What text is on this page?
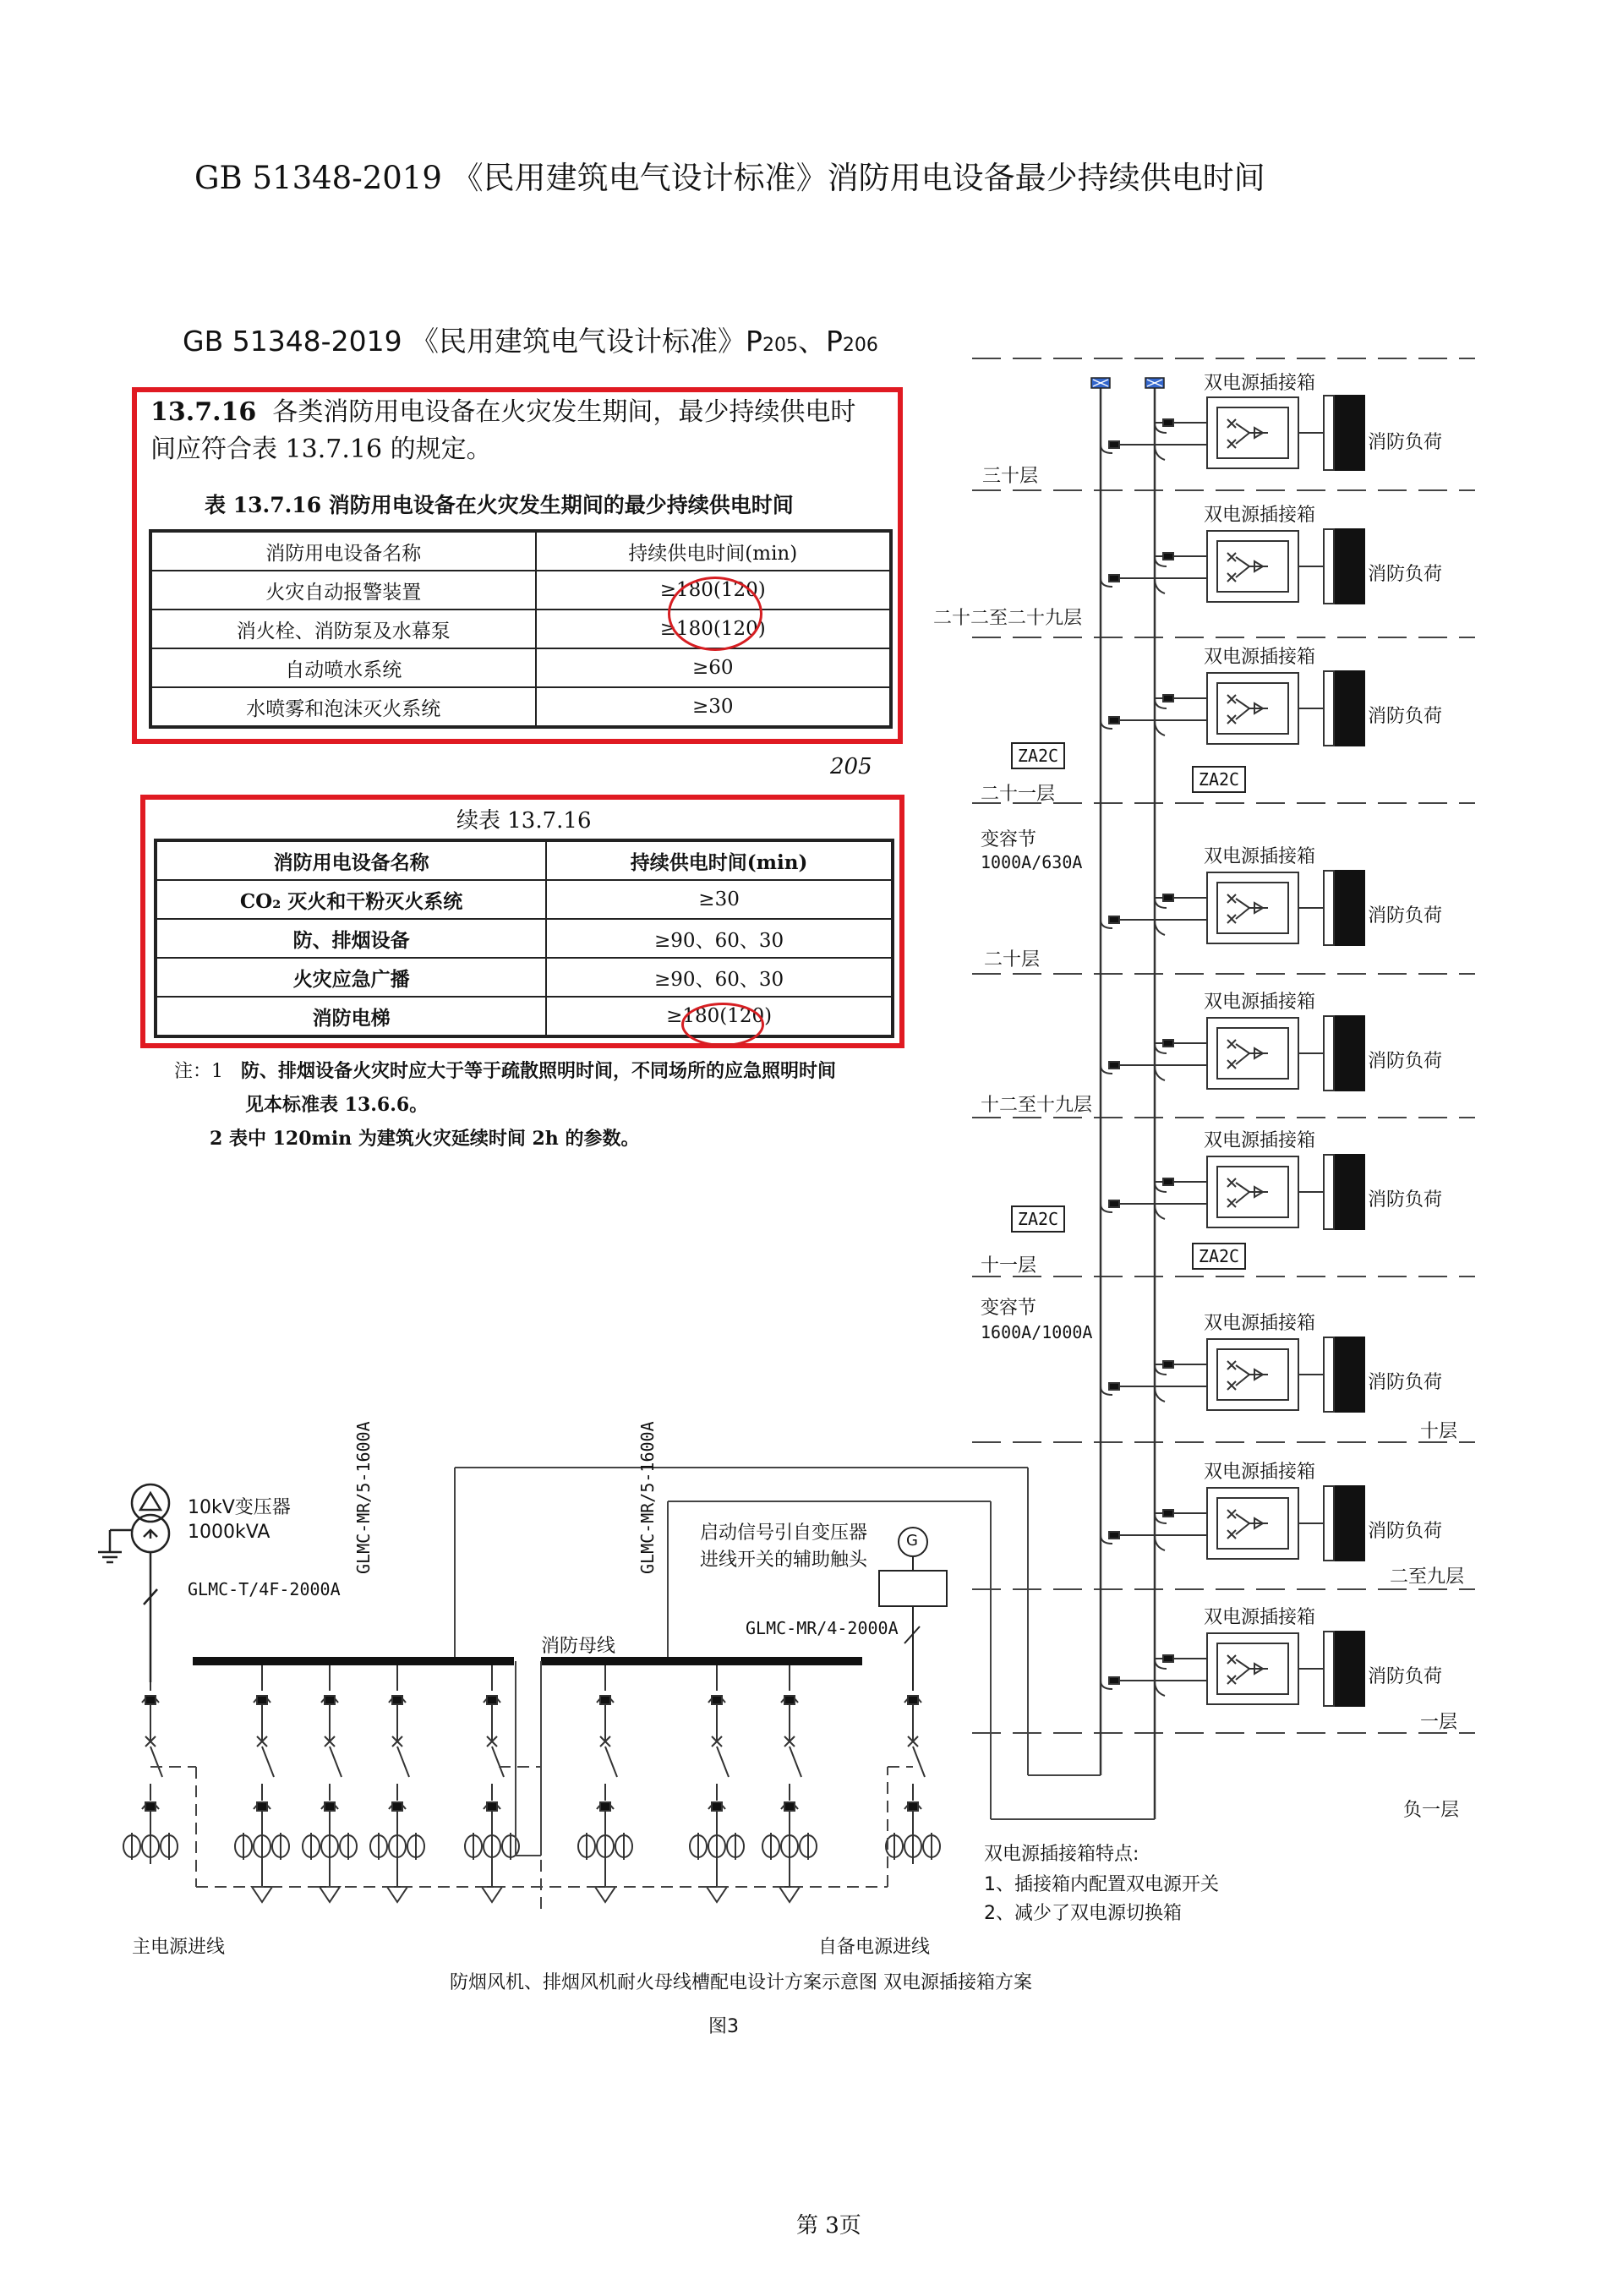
GB 51348-2019 《民用建筑电气设计标准》消防用电设备最少持续供电时间
GB 51348-2019 《民用建筑电气设计标准》P205、P206
13.7.16 各类消防用电设备在火灾发生期间，最少持续供电时
间应符合表 13.7.16 的规定。
表 13.7.16 消防用电设备在火灾发生期间的最少持续供电时间
消防用电设备名称	持续供电时间(min)
火灾自动报警装置	≥180(120)
消火栓、消防泵及水幕泵	≥180(120)
自动喷水系统	≥60
水喷雾和泡沫灭火系统	≥30
205
续表 13.7.16
消防用电设备名称	持续供电时间(min)
CO₂ 灭火和干粉灭火系统	≥30
防、排烟设备	≥90、60、30
火灾应急广播	≥90、60、30
消防电梯	≥180(120)
注：1 防、排烟设备火灾时应大于等于疏散照明时间，不同场所的应急照明时间
见本标准表 13.6.6。
2 表中 120min 为建筑火灾延续时间 2h 的参数。
双电源插接箱
双电源插接箱
双电源插接箱
双电源插接箱
双电源插接箱
双电源插接箱
双电源插接箱
双电源插接箱
双电源插接箱
消防负荷
消防负荷
消防负荷
消防负荷
消防负荷
消防负荷
消防负荷
消防负荷
消防负荷
三十层
二十二至二十九层
二十一层
二十层
十二至十九层
十一层
十层
二至九层
一层
负一层
ZA2C
ZA2C
ZA2C
ZA2C
变容节
1000A/630A
变容节
1600A/1000A
10kV变压器
1000kVA
GLMC-T/4F-2000A
GLMC-MR/5-1600A	GLMC-MR/5-1600A
消防母线
GLMC-MR/4-2000A
启动信号引自变压器
进线开关的辅助触头
G
主电源进线	自备电源进线
双电源插接箱特点:
1、插接箱内配置双电源开关
2、减少了双电源切换箱
防烟风机、排烟风机耐火母线槽配电设计方案示意图 双电源插接箱方案
图3
第 3页
